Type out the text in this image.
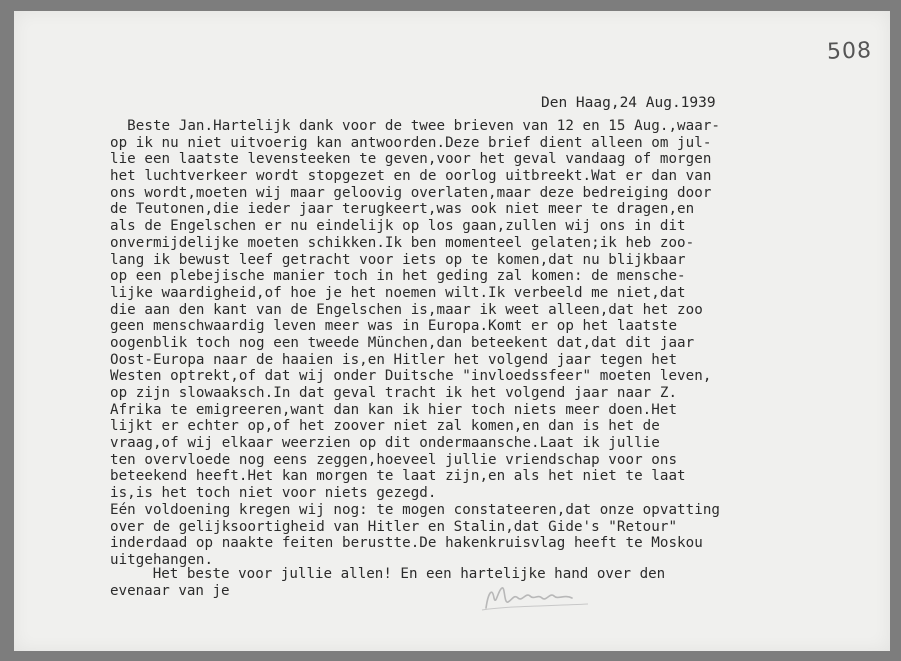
508
Den Haag,24 Aug.1939
Beste Jan.Hartelijk dank voor de twee brieven van 12 en 15 Aug.,waar-
op ik nu niet uitvoerig kan antwoorden.Deze brief dient alleen om jul-
lie een laatste levensteeken te geven,voor het geval vandaag of morgen
het luchtverkeer wordt stopgezet en de oorlog uitbreekt.Wat er dan van
ons wordt,moeten wij maar geloovig overlaten,maar deze bedreiging door
de Teutonen,die ieder jaar terugkeert,was ook niet meer te dragen,en
als de Engelschen er nu eindelijk op los gaan,zullen wij ons in dit
onvermijdelijke moeten schikken.Ik ben momenteel gelaten;ik heb zoo-
lang ik bewust leef getracht voor iets op te komen,dat nu blijkbaar
op een plebejische manier toch in het geding zal komen: de mensche-
lijke waardigheid,of hoe je het noemen wilt.Ik verbeeld me niet,dat
die aan den kant van de Engelschen is,maar ik weet alleen,dat het zoo
geen menschwaardig leven meer was in Europa.Komt er op het laatste
oogenblik toch nog een tweede München,dan beteekent dat,dat dit jaar
Oost-Europa naar de haaien is,en Hitler het volgend jaar tegen het
Westen optrekt,of dat wij onder Duitsche "invloedssfeer" moeten leven,
op zijn slowaaksch.In dat geval tracht ik het volgend jaar naar Z.
Afrika te emigreeren,want dan kan ik hier toch niets meer doen.Het
lijkt er echter op,of het zoover niet zal komen,en dan is het de
vraag,of wij elkaar weerzien op dit ondermaansche.Laat ik jullie
ten overvloede nog eens zeggen,hoeveel jullie vriendschap voor ons
beteekend heeft.Het kan morgen te laat zijn,en als het niet te laat
is,is het toch niet voor niets gezegd.
Eén voldoening kregen wij nog: te mogen constateeren,dat onze opvatting
over de gelijksoortigheid van Hitler en Stalin,dat Gide's "Retour"
inderdaad op naakte feiten berustte.De hakenkruisvlag heeft te Moskou
uitgehangen.
Het beste voor jullie allen! En een hartelijke hand over den
evenaar van je
